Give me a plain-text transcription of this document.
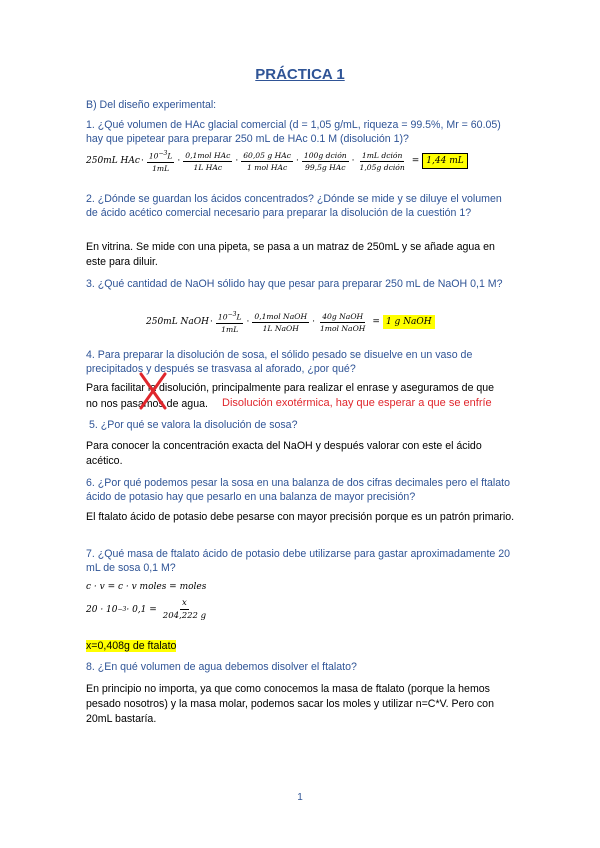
PRÁCTICA 1
B) Del diseño experimental:
1. ¿Qué volumen de HAc glacial comercial (d = 1,05 g/mL, riqueza = 99.5%, Mr = 60.05) hay que pipetear para preparar 250 mL de HAc 0.1 M (disolución 1)?
250mL HAc · $\frac{10^{-3}L}{1mL} \cdot \frac{\text{0,1mol HAc}}{\text{1L HAc}} \cdot \frac{\text{60,05 g HAc}}{\text{1 mol HAc}} \cdot \frac{\text{100g dción}}{\text{99,5g HAc}} \cdot \frac{\text{1mL dción}}{\text{1,05g dción}} = 1,44$ mL
2. ¿Dónde se guardan los ácidos concentrados? ¿Dónde se mide y se diluye el volumen de ácido acético comercial necesario para preparar la disolución de la cuestión 1?
En vitrina. Se mide con una pipeta, se pasa a un matraz de 250mL y se añade agua en este para diluir.
3. ¿Qué cantidad de NaOH sólido hay que pesar para preparar 250 mL de NaOH 0,1 M?
250mL NaOH · $\frac{10^{-3}L}{1mL} \cdot \frac{\text{0,1mol NaOH}}{\text{1L NaOH}} \cdot \frac{\text{40g NaOH}}{\text{1mol NaOH}} = 1$ g NaOH
4. Para preparar la disolución de sosa, el sólido pesado se disuelve en un vaso de precipitados y después se trasvasa al aforado, ¿por qué?
Para facilitar la disolución, principalmente para realizar el enrase y aseguramos de que
no nos pasamos de agua. Disolución exotérmica, hay que esperar a que se enfríe
5. ¿Por qué se valora la disolución de sosa?
Para conocer la concentración exacta del NaOH y después valorar con este el ácido acético.
6. ¿Por qué podemos pesar la sosa en una balanza de dos cifras decimales pero el ftalato ácido de potasio hay que pesarlo en una balanza de mayor precisión?
El ftalato ácido de potasio debe pesarse con mayor precisión porque es un patrón primario.
7. ¿Qué masa de ftalato ácido de potasio debe utilizarse para gastar aproximadamente 20 mL de sosa 0,1 M?
c · v = c · v moles = moles
$20 \cdot 10 -3 \cdot 0,1 = \frac{x}{204,222 g}$
x=0,408g de ftalato
8. ¿En qué volumen de agua debemos disolver el ftalato?
En principio no importa, ya que como conocemos la masa de ftalato (porque la hemos pesado nosotros) y la masa molar, podemos sacar los moles y utilizar n=C*V. Pero con 20mL bastaría.
1
